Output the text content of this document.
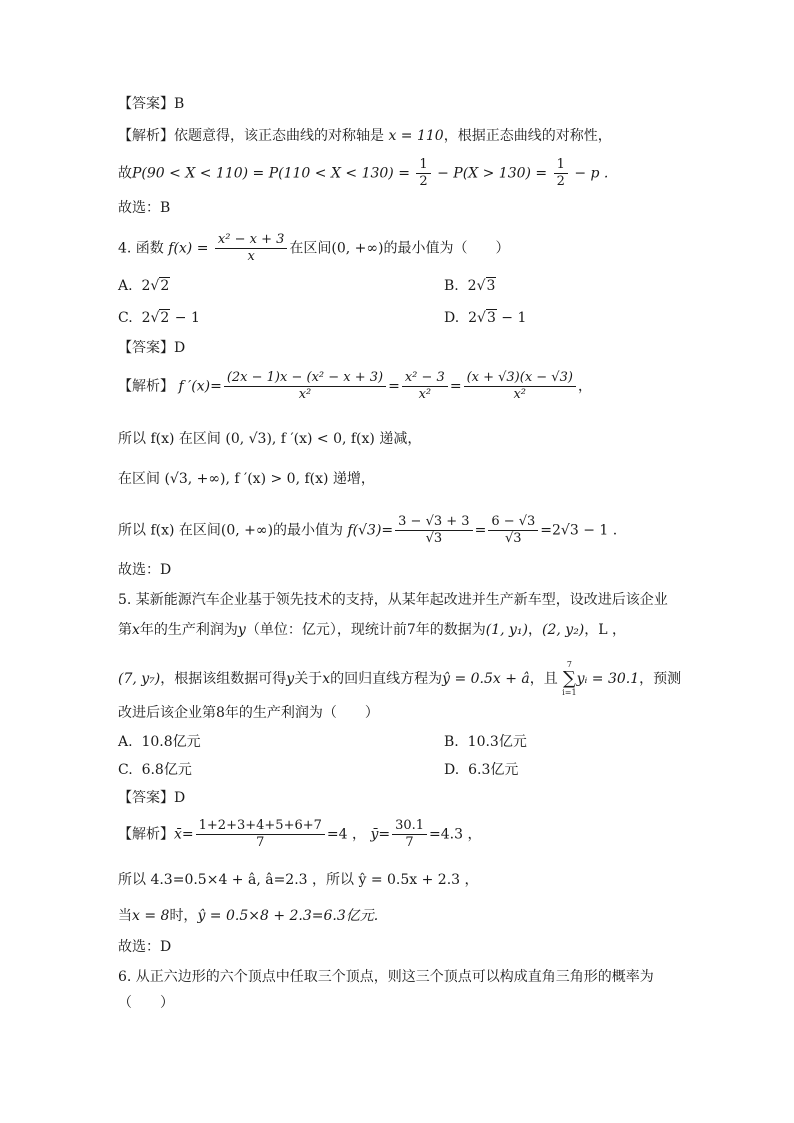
【答案】B
【解析】依题意得，该正态曲线的对称轴是 x = 110，根据正态曲线的对称性，
故$P(90 < X < 110) = P(110 < X < 130) = \frac{1}{2} - P(X > 130) = \frac{1}{2} - p$ .
故选：B
4. 函数 $f(x) = \frac{\text{x² − x + 3}}{x}$ 在区间(0, +∞)的最小值为（　　）
A. 2√2	B. 2√3
C. 2√2 − 1	D. 2√3 − 1
【答案】D
【解析】 f $'(x)= \frac{\text{(2x − 1)x − (x² − x + 3)}}{\text{x²}} = \frac{\text{x² − 3}}{\text{x²}} = \frac{(x + √3)(x - √3)}{\text{x²}}$ ，
所以 f(x) 在区间 (0, √3), f ′(x) < 0, f(x) 递减，
在区间 (√3, +∞), f ′(x) > 0, f(x) 递增，
所以 f(x) 在区间(0, +∞)的最小值为 $f(√3)= \frac{3 - √3 + 3}{√3} = \frac{6 - √3}{√3} =2√3 - 1$ .
故选：D
5. 某新能源汽车企业基于领先技术的支持，从某年起改进并生产新车型，设改进后该企业
第x年的生产利润为y（单位：亿元），现统计前7年的数据为(1, y₁)，(2, y₂)，L ，
(7, y₇)，根据该组数据可得y关于x的回归直线方程为ŷ = 0.5x + â，且
7
∑
i=1
yᵢ = 30.1，预测
改进后该企业第8年的生产利润为（　　）
A. 10.8亿元	B. 10.3亿元
C. 6.8亿元	D. 6.3亿元
【答案】D
【解析】x̄= $\frac{1+2+3+4+5+6+7}{7} =4$ ， ȳ= $\frac{30.1}{7} =4.3$ ，
所以 4.3=0.5×4 + â, â=2.3 ，所以 ŷ = 0.5x + 2.3 ，
当x = 8时，ŷ = 0.5×8 + 2.3=6.3亿元.
故选：D
6. 从正六边形的六个顶点中任取三个顶点，则这三个顶点可以构成直角三角形的概率为
（　　）
